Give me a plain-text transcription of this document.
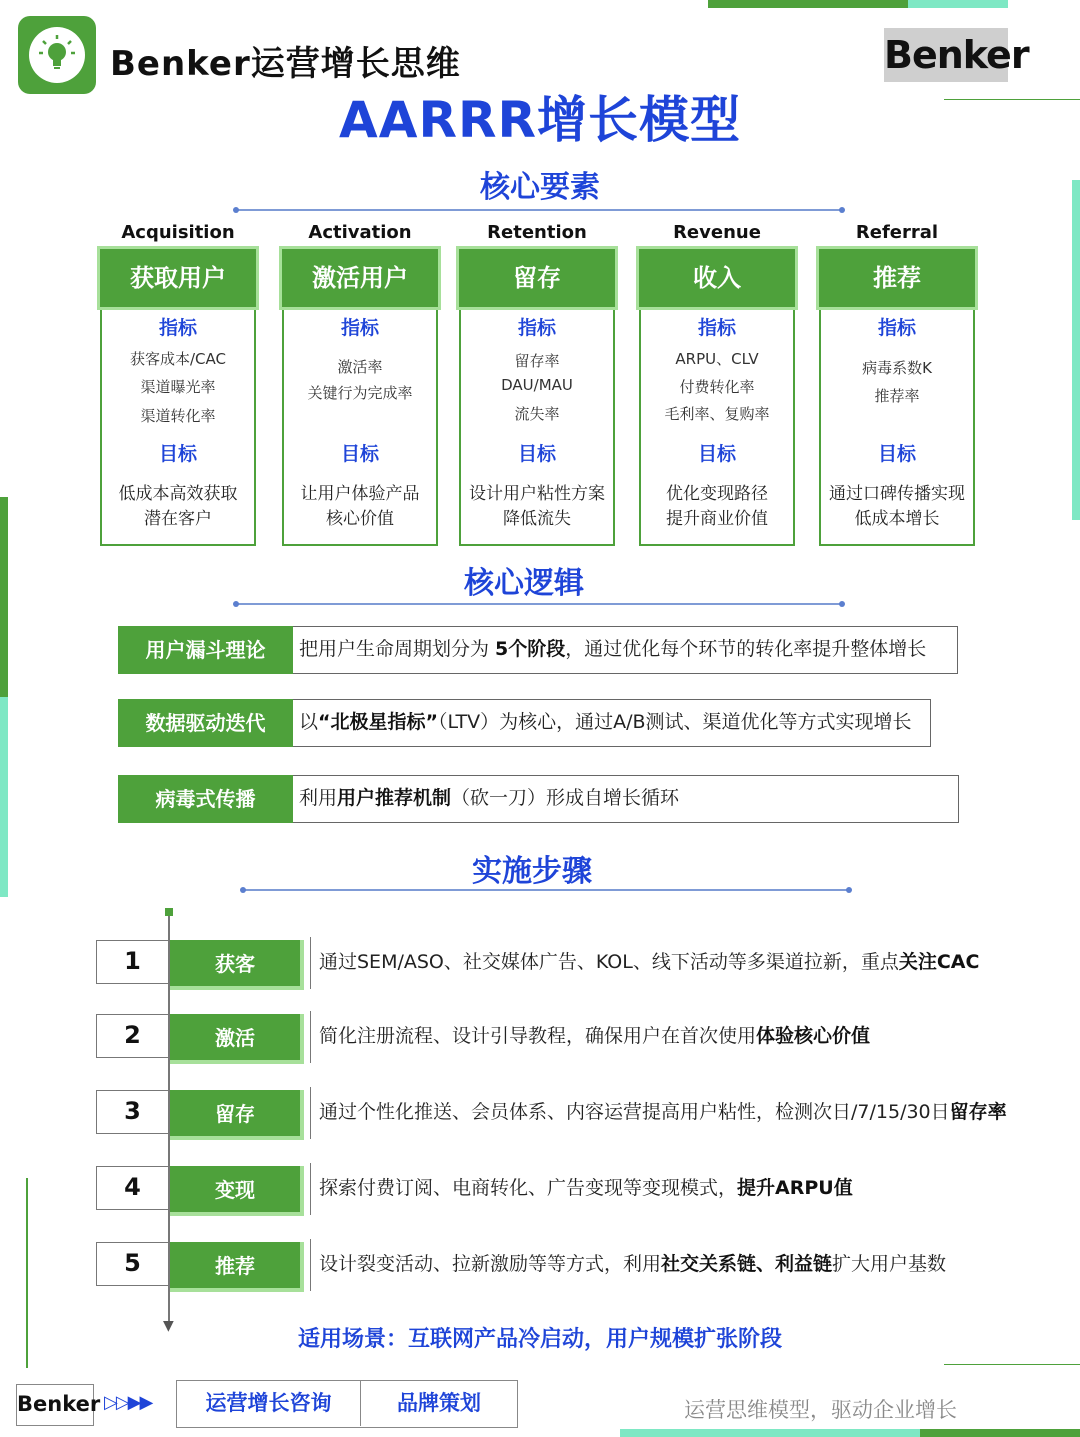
Benker运营增长思维	Benker
AARRR增长模型
核心要素
Acquisition
获取用户
指标
获客成本/CAC
渠道曝光率
渠道转化率
目标
低成本高效获取
潜在客户
Activation
激活用户
指标
激活率
关键行为完成率
目标
让用户体验产品
核心价值
Retention
留存
指标
留存率
DAU/MAU
流失率
目标
设计用户粘性方案
降低流失
Revenue
收入
指标
ARPU、CLV
付费转化率
毛利率、复购率
目标
优化变现路径
提升商业价值
Referral
推荐
指标
病毒系数K
推荐率
目标
通过口碑传播实现
低成本增长
核心逻辑
用户漏斗理论	把用户生命周期划分为 5个阶段，通过优化每个环节的转化率提升整体增长
数据驱动迭代	以“北极星指标”（LTV）为核心，通过A/B测试、渠道优化等方式实现增长
病毒式传播	利用用户推荐机制（砍一刀）形成自增长循环
实施步骤
▼
1	获客	通过SEM/ASO、社交媒体广告、KOL、线下活动等多渠道拉新，重点关注CAC
2	激活	简化注册流程、设计引导教程，确保用户在首次使用体验核心价值
3	留存	通过个性化推送、会员体系、内容运营提高用户粘性，检测次日/7/15/30日留存率
4	变现	探索付费订阅、电商转化、广告变现等变现模式，提升ARPU值
5	推荐	设计裂变活动、拉新激励等等方式，利用社交关系链、利益链扩大用户基数
适用场景：互联网产品冷启动，用户规模扩张阶段
Benker ▷▷▶▶	运营增长咨询	品牌策划	运营思维模型，驱动企业增长
